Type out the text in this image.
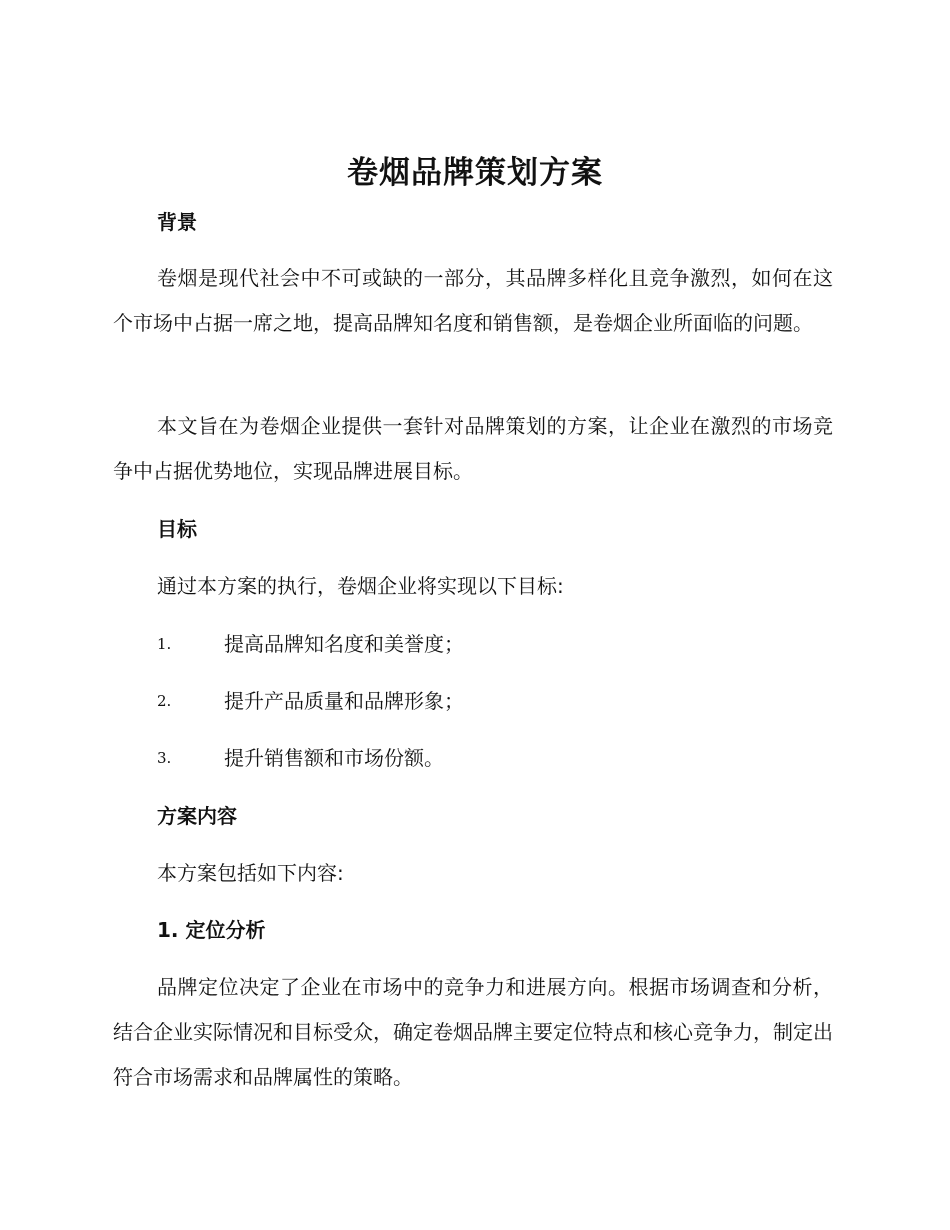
卷烟品牌策划方案
背景

卷烟是现代社会中不可或缺的一部分，其品牌多样化且竞争激烈，如何在这个市场中占据一席之地，提高品牌知名度和销售额，是卷烟企业所面临的问题。

本文旨在为卷烟企业提供一套针对品牌策划的方案，让企业在激烈的市场竞争中占据优势地位，实现品牌进展目标。

目标

通过本方案的执行，卷烟企业将实现以下目标:

1.	提高品牌知名度和美誉度；
2.	提升产品质量和品牌形象；
3.	提升销售额和市场份额。
方案内容

本方案包括如下内容:

1. 定位分析

品牌定位决定了企业在市场中的竞争力和进展方向。根据市场调查和分析，结合企业实际情况和目标受众，确定卷烟品牌主要定位特点和核心竞争力，制定出符合市场需求和品牌属性的策略。
